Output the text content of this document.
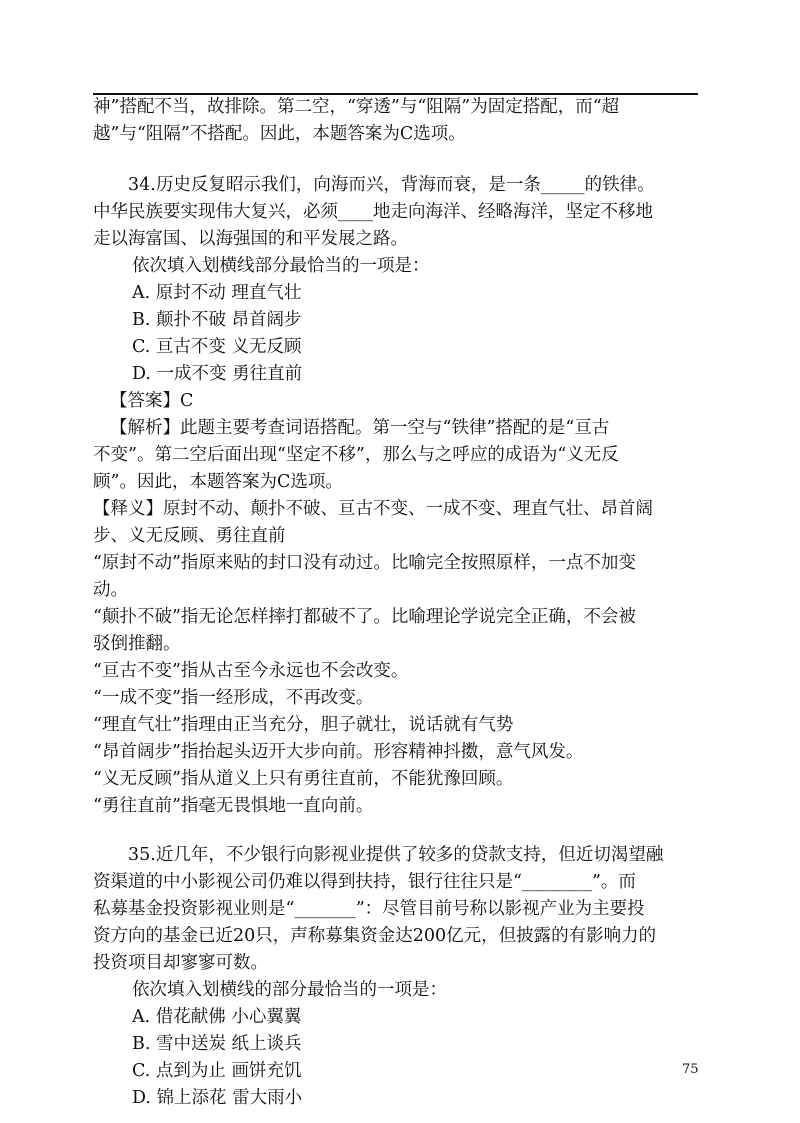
神”搭配不当，故排除。第二空，“穿透”与“阻隔”为固定搭配，而“超

越”与“阻隔”不搭配。因此，本题答案为C选项。

34.历史反复昭示我们，向海而兴，背海而衰，是一条_____的铁律。

中华民族要实现伟大复兴，必须____地走向海洋、经略海洋，坚定不移地

走以海富国、以海强国的和平发展之路。

依次填入划横线部分最恰当的一项是：

A. 原封不动 理直气壮
B. 颠扑不破 昂首阔步
C. 亘古不变 义无反顾
D. 一成不变 勇往直前

【答案】C

【解析】此题主要考查词语搭配。第一空与“铁律”搭配的是“亘古

不变”。第二空后面出现“坚定不移”，那么与之呼应的成语为“义无反

顾”。因此，本题答案为C选项。

【释义】原封不动、颠扑不破、亘古不变、一成不变、理直气壮、昂首阔

步、义无反顾、勇往直前

“原封不动”指原来贴的封口没有动过。比喻完全按照原样，一点不加变

动。

“颠扑不破”指无论怎样摔打都破不了。比喻理论学说完全正确，不会被

驳倒推翻。

“亘古不变”指从古至今永远也不会改变。

“一成不变”指一经形成，不再改变。

“理直气壮”指理由正当充分，胆子就壮，说话就有气势

“昂首阔步”指抬起头迈开大步向前。形容精神抖擞，意气风发。

“义无反顾”指从道义上只有勇往直前，不能犹豫回顾。

“勇往直前”指毫无畏惧地一直向前。

35.近几年，不少银行向影视业提供了较多的贷款支持，但近切渴望融

资渠道的中小影视公司仍难以得到扶持，银行往往只是“________”。而

私募基金投资影视业则是“_______”：尽管目前号称以影视产业为主要投

资方向的基金已近20只，声称募集资金达200亿元，但披露的有影响力的

投资项目却寥寥可数。

依次填入划横线的部分最恰当的一项是：

A. 借花献佛 小心翼翼
B. 雪中送炭 纸上谈兵
C. 点到为止 画饼充饥
D. 锦上添花 雷大雨小
75
